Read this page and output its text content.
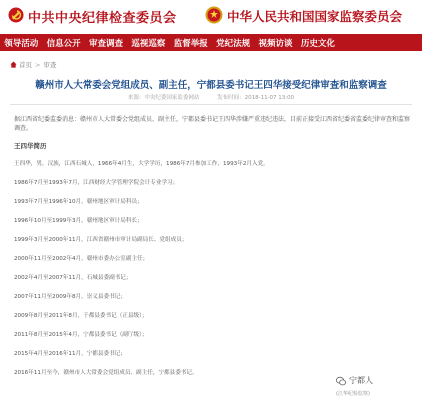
中共中央纪律检查委员会	中华人民共和国国家监察委员会
领导活动 信息公开 审查调查 巡视巡察 监督举报 党纪法规 视频访谈 历史文化
首页 > 审查
赣州市人大常委会党组成员、副主任，宁都县委书记王四华接受纪律审查和监察调查
来源：中央纪委国家监委网站	发布时间：2018-11-07 13:00
据江西省纪委监委消息：赣州市人大常委会党组成员、副主任，宁都县委书记王四华涉嫌严重违纪违法，目前正接受江西省纪委省监委纪律审查和监察调查。
王四华简历
王四华，男，汉族，江西石城人，1966年4月生，大学学历，1986年7月参加工作，1993年2月入党。
1986年7月至1993年7月，江西财经大学管理学院会计专业学习；
1993年7月至1996年10月，赣州地区审计局科员；
1996年10月至1999年3月，赣州地区审计局科长；
1999年3月至2000年11月，江西省赣州市审计局副局长、党组成员；
2000年11月至2002年4月，赣州市委办公室副主任；
2002年4月至2007年11月，石城县委副书记；
2007年11月至2009年8月，崇义县委书记；
2009年8月至2011年8月，于都县委书记（正县级）；
2011年8月至2015年4月，宁都县委书记（副厅级）；
2015年4月至2016年11月，宁都县委书记；
2016年11月至今，赣州市人大常委会党组成员、副主任，宁都县委书记。
宁都人
(江华纪检监察)
